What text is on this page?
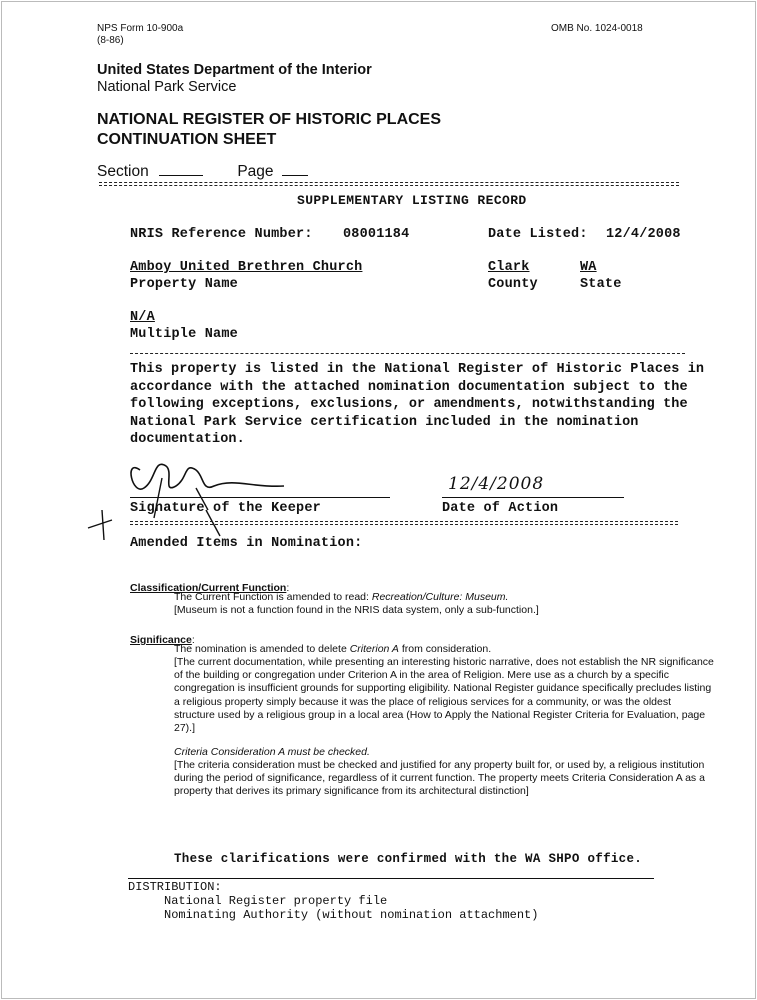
NPS Form 10-900a
(8-86)
OMB No. 1024-0018
United States Department of the Interior
National Park Service
NATIONAL REGISTER OF HISTORIC PLACES
CONTINUATION SHEET
Section	Page
SUPPLEMENTARY LISTING RECORD
NRIS Reference Number: 08001184	Date Listed: 12/4/2008
Amboy United Brethren Church
Property Name
Clark
County
WA
State
N/A
Multiple Name
This property is listed in the National Register of Historic Places in accordance with the attached nomination documentation subject to the following exceptions, exclusions, or amendments, notwithstanding the National Park Service certification included in the nomination documentation.
Signature of the Keeper
12/4/2008
Date of Action
Amended Items in Nomination:
Classification/Current Function:
The Current Function is amended to read: Recreation/Culture: Museum.
[Museum is not a function found in the NRIS data system, only a sub-function.]
Significance:
The nomination is amended to delete Criterion A from consideration.
[The current documentation, while presenting an interesting historic narrative, does not establish the NR significance of the building or congregation under Criterion A in the area of Religion. Mere use as a church by a specific congregation is insufficient grounds for supporting eligibility. National Register guidance specifically precludes listing a religious property simply because it was the place of religious services for a community, or was the oldest structure used by a religious group in a local area (How to Apply the National Register Criteria for Evaluation, page 27).]
Criteria Consideration A must be checked.
[The criteria consideration must be checked and justified for any property built for, or used by, a religious institution during the period of significance, regardless of it current function. The property meets Criteria Consideration A as a property that derives its primary significance from its architectural distinction]
These clarifications were confirmed with the WA SHPO office.
DISTRIBUTION:
National Register property file
Nominating Authority (without nomination attachment)
